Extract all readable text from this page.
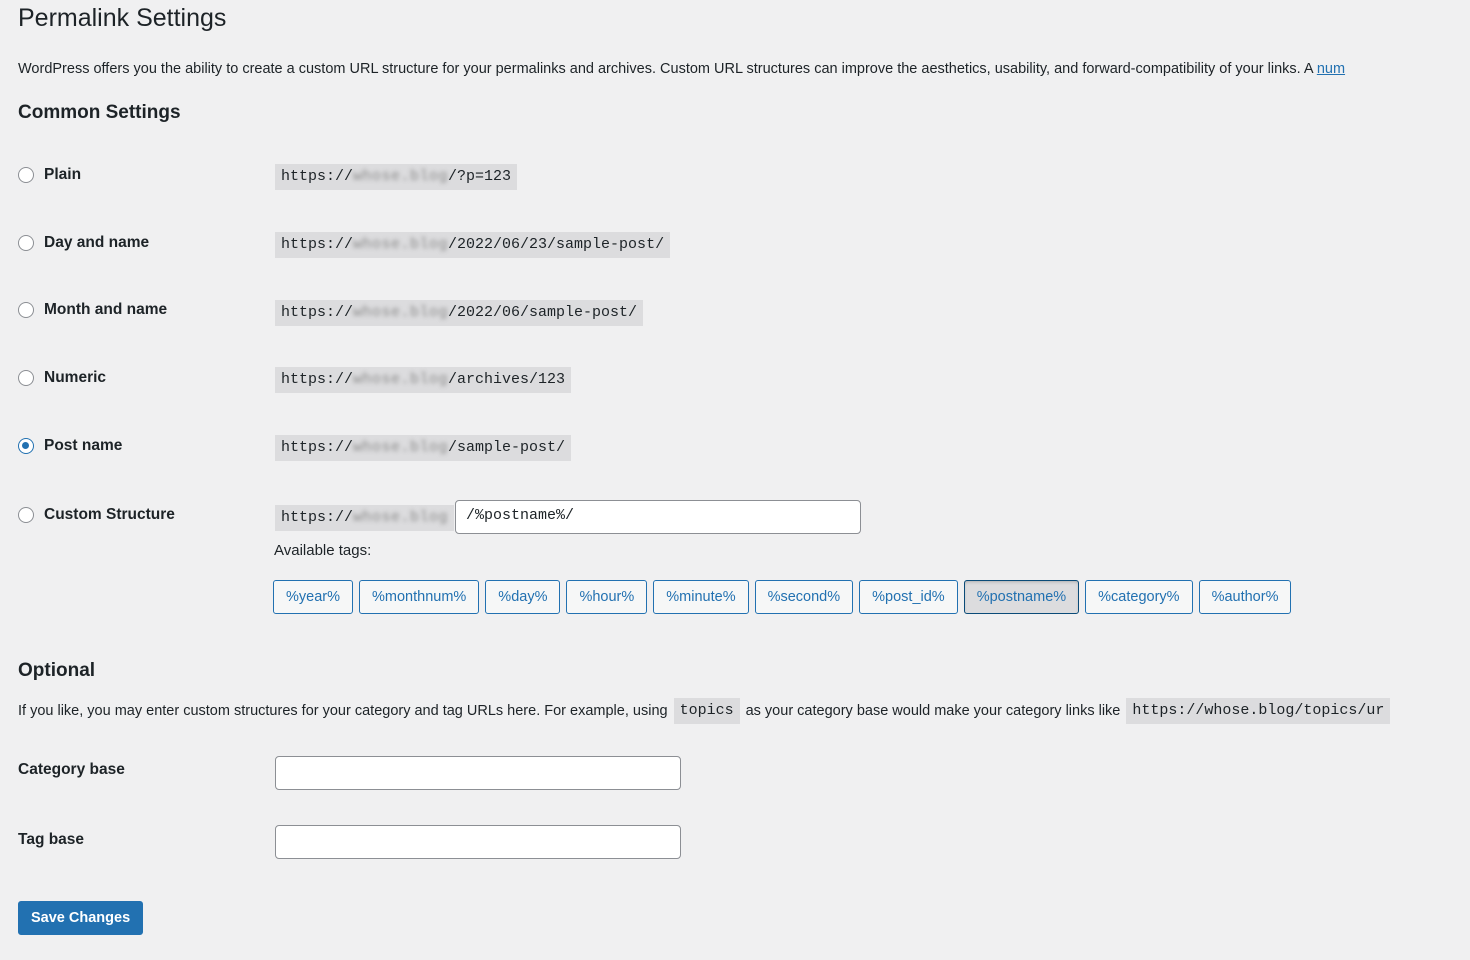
Permalink Settings
WordPress offers you the ability to create a custom URL structure for your permalinks and archives. Custom URL structures can improve the aesthetics, usability, and forward-compatibility of your links. A num
Common Settings
Plain	https://whose.blog/?p=123
Day and name	https://whose.blog/2022/06/23/sample-post/
Month and name	https://whose.blog/2022/06/sample-post/
Numeric	https://whose.blog/archives/123
Post name	https://whose.blog/sample-post/
Custom Structure	https://whose.blog	/%postname%/
Available tags:
%year%	%monthnum%	%day%	%hour%	%minute%	%second%	%post_id%	%postname%	%category%	%author%
Optional
If you like, you may enter custom structures for your category and tag URLs here. For example, using topics as your category base would make your category links like https://whose.blog/topics/ur
Category base
Tag base
Save Changes
